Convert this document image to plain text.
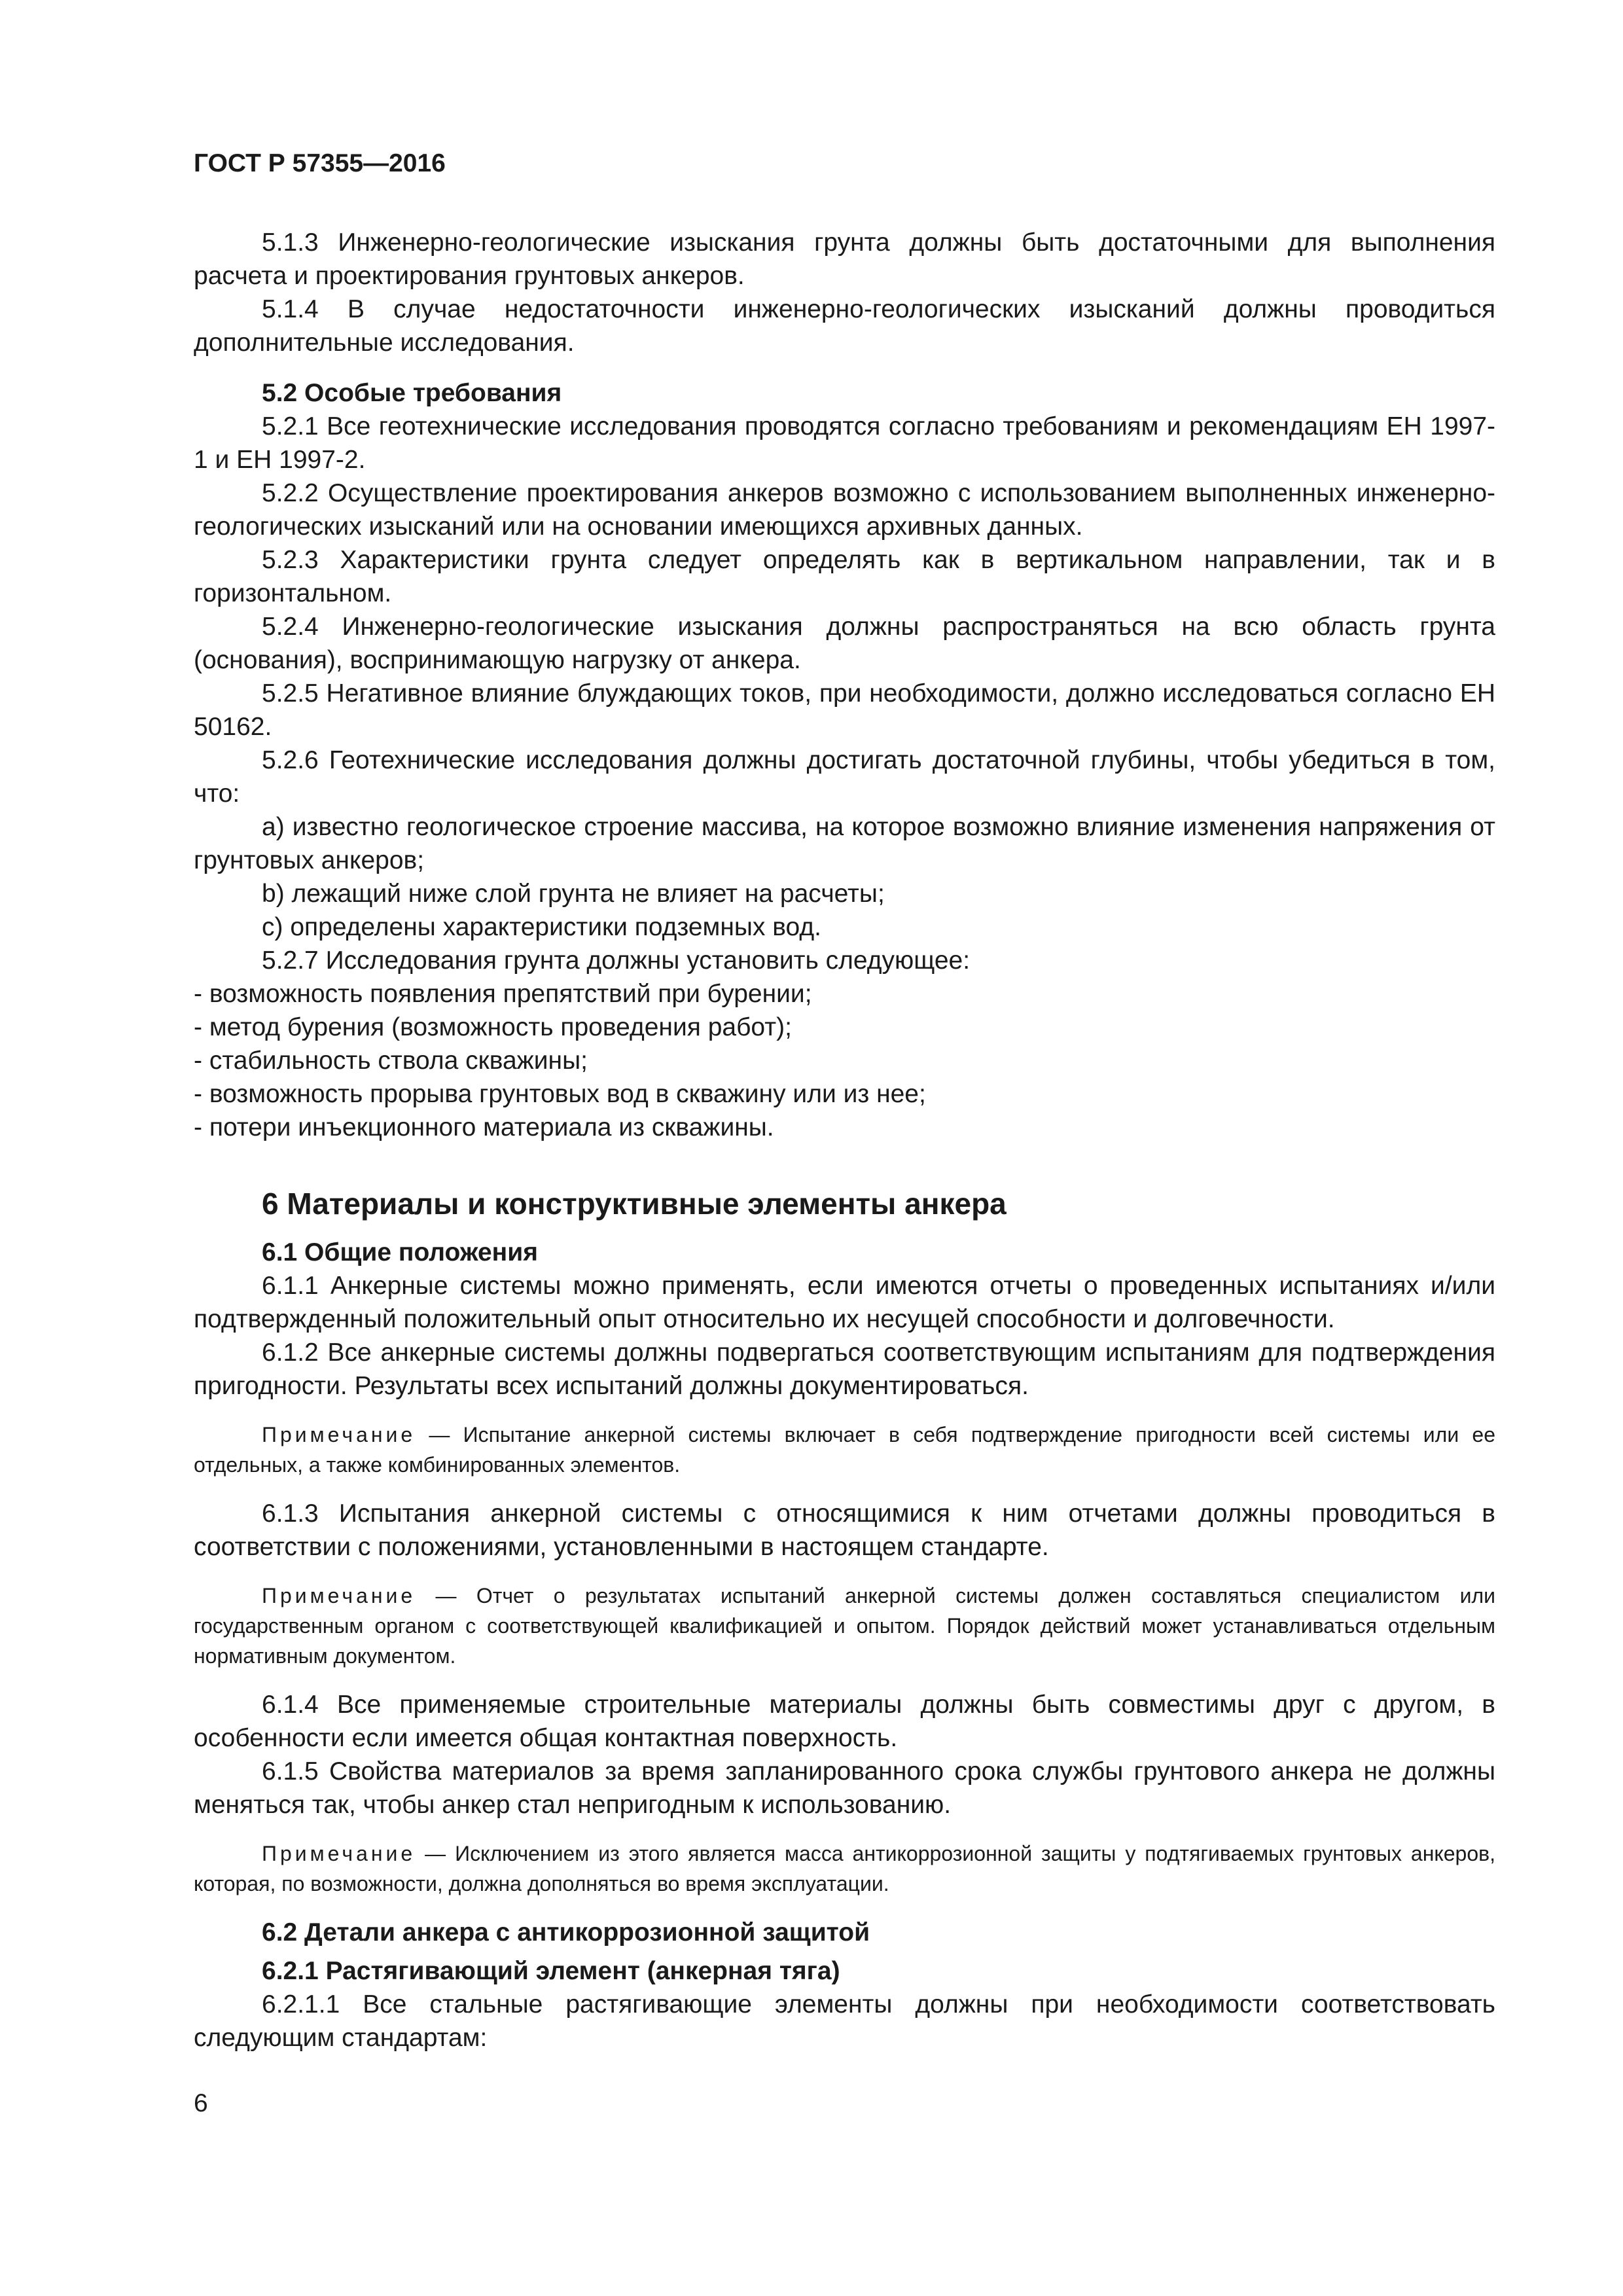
ГОСТ Р 57355—2016

5.1.3 Инженерно-геологические изыскания грунта должны быть достаточными для выполнения расчета и проектирования грунтовых анкеров.

5.1.4 В случае недостаточности инженерно-геологических изысканий должны проводиться дополнительные исследования.

5.2 Особые требования

5.2.1 Все геотехнические исследования проводятся согласно требованиям и рекомендациям ЕН 1997-1 и ЕН 1997-2.

5.2.2 Осуществление проектирования анкеров возможно с использованием выполненных инженерно-геологических изысканий или на основании имеющихся архивных данных.

5.2.3 Характеристики грунта следует определять как в вертикальном направлении, так и в горизонтальном.

5.2.4 Инженерно-геологические изыскания должны распространяться на всю область грунта (основания), воспринимающую нагрузку от анкера.

5.2.5 Негативное влияние блуждающих токов, при необходимости, должно исследоваться согласно ЕН 50162.

5.2.6 Геотехнические исследования должны достигать достаточной глубины, чтобы убедиться в том, что:

а) известно геологическое строение массива, на которое возможно влияние изменения напряжения от грунтовых анкеров;

b) лежащий ниже слой грунта не влияет на расчеты;

c) определены характеристики подземных вод.

5.2.7 Исследования грунта должны установить следующее:

- возможность появления препятствий при бурении;

- метод бурения (возможность проведения работ);

- стабильность ствола скважины;

- возможность прорыва грунтовых вод в скважину или из нее;

- потери инъекционного материала из скважины.

6 Материалы и конструктивные элементы анкера
6.1 Общие положения

6.1.1 Анкерные системы можно применять, если имеются отчеты о проведенных испытаниях и/или подтвержденный положительный опыт относительно их несущей способности и долговечности.

6.1.2 Все анкерные системы должны подвергаться соответствующим испытаниям для подтверждения пригодности. Результаты всех испытаний должны документироваться.

Примечание — Испытание анкерной системы включает в себя подтверждение пригодности всей системы или ее отдельных, а также комбинированных элементов.

6.1.3 Испытания анкерной системы с относящимися к ним отчетами должны проводиться в соответствии с положениями, установленными в настоящем стандарте.

Примечание — Отчет о результатах испытаний анкерной системы должен составляться специалистом или государственным органом с соответствующей квалификацией и опытом. Порядок действий может устанавливаться отдельным нормативным документом.

6.1.4 Все применяемые строительные материалы должны быть совместимы друг с другом, в особенности если имеется общая контактная поверхность.

6.1.5 Свойства материалов за время запланированного срока службы грунтового анкера не должны меняться так, чтобы анкер стал непригодным к использованию.

Примечание — Исключением из этого является масса антикоррозионной защиты у подтягиваемых грунтовых анкеров, которая, по возможности, должна дополняться во время эксплуатации.

6.2 Детали анкера с антикоррозионной защитой
6.2.1 Растягивающий элемент (анкерная тяга)

6.2.1.1 Все стальные растягивающие элементы должны при необходимости соответствовать следующим стандартам:

6
